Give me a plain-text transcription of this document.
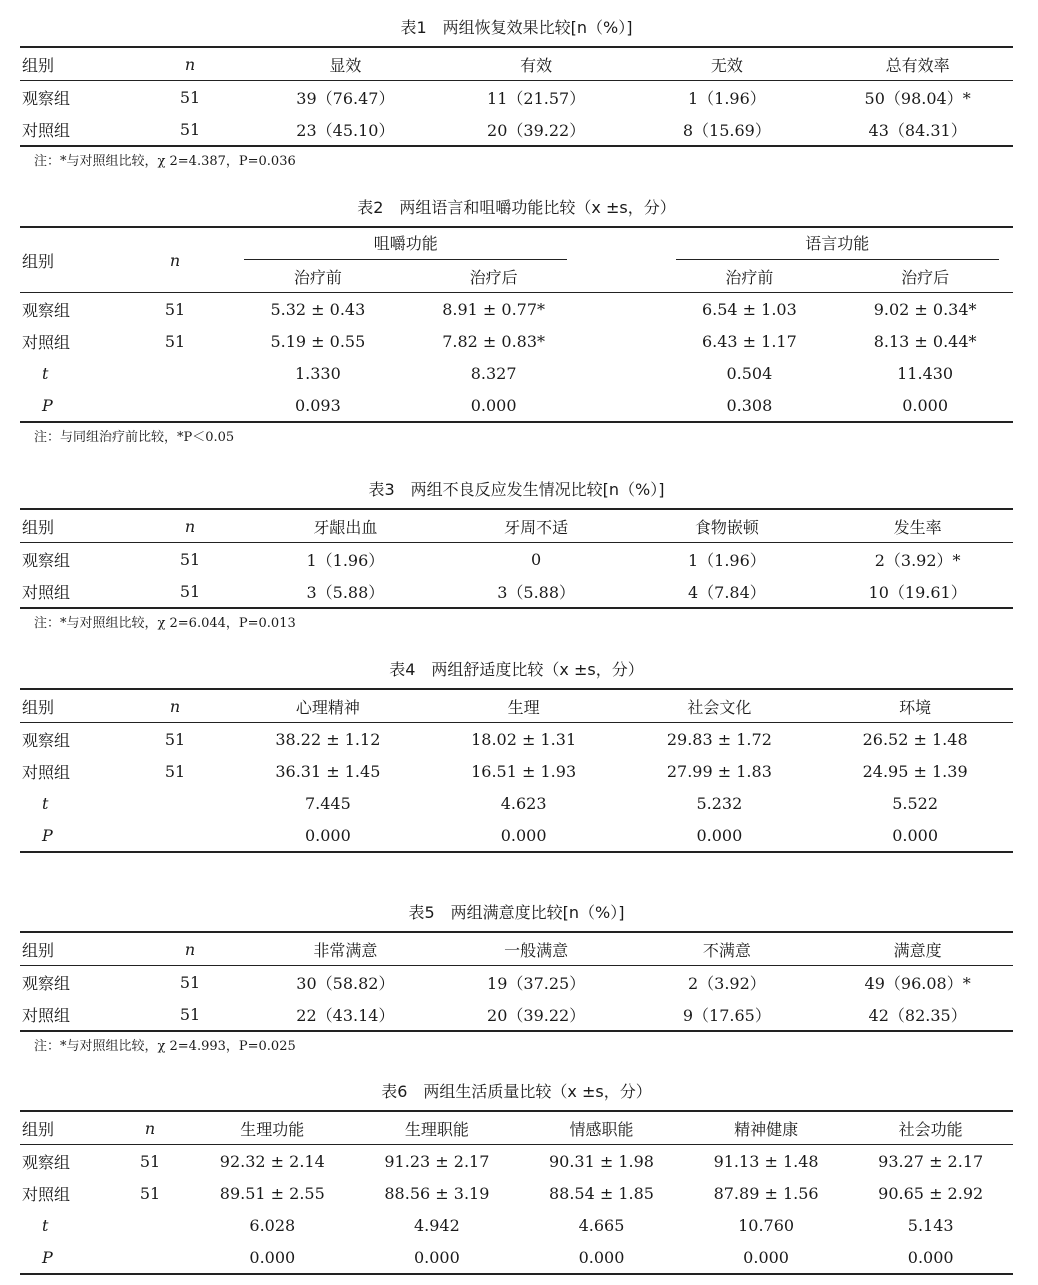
表1　两组恢复效果比较[n（%）]
组别	n	显效	有效	无效	总有效率
观察组	51	39（76.47）	11（21.57）	1（1.96）	50（98.04）*
对照组	51	23（45.10）	20（39.22）	8（15.69）	43（84.31）
注：*与对照组比较，χ 2=4.387，P=0.036
表2　两组语言和咀嚼功能比较（x ±s，分）
组别	n	咀嚼功能			语言功能	
		治疗前	治疗后		治疗前	治疗后
观察组	51	5.32 ± 0.43	8.91 ± 0.77*		6.54 ± 1.03	9.02 ± 0.34*
对照组	51	5.19 ± 0.55	7.82 ± 0.83*		6.43 ± 1.17	8.13 ± 0.44*
t		1.330	8.327		0.504	11.430
P		0.093	0.000		0.308	0.000
注：与同组治疗前比较，*P＜0.05
表3　两组不良反应发生情况比较[n（%）]
组别	n	牙龈出血	牙周不适	食物嵌顿	发生率
观察组	51	1（1.96）	0	1（1.96）	2（3.92）*
对照组	51	3（5.88）	3（5.88）	4（7.84）	10（19.61）
注：*与对照组比较，χ 2=6.044，P=0.013
表4　两组舒适度比较（x ±s，分）
组别	n	心理精神	生理	社会文化	环境
观察组	51	38.22 ± 1.12	18.02 ± 1.31	29.83 ± 1.72	26.52 ± 1.48
对照组	51	36.31 ± 1.45	16.51 ± 1.93	27.99 ± 1.83	24.95 ± 1.39
t		7.445	4.623	5.232	5.522
P		0.000	0.000	0.000	0.000
表5　两组满意度比较[n（%）]
组别	n	非常满意	一般满意	不满意	满意度
观察组	51	30（58.82）	19（37.25）	2（3.92）	49（96.08）*
对照组	51	22（43.14）	20（39.22）	9（17.65）	42（82.35）
注：*与对照组比较，χ 2=4.993，P=0.025
表6　两组生活质量比较（x ±s，分）
组别	n	生理功能	生理职能	情感职能	精神健康	社会功能
观察组	51	92.32 ± 2.14	91.23 ± 2.17	90.31 ± 1.98	91.13 ± 1.48	93.27 ± 2.17
对照组	51	89.51 ± 2.55	88.56 ± 3.19	88.54 ± 1.85	87.89 ± 1.56	90.65 ± 2.92
t		6.028	4.942	4.665	10.760	5.143
P		0.000	0.000	0.000	0.000	0.000
